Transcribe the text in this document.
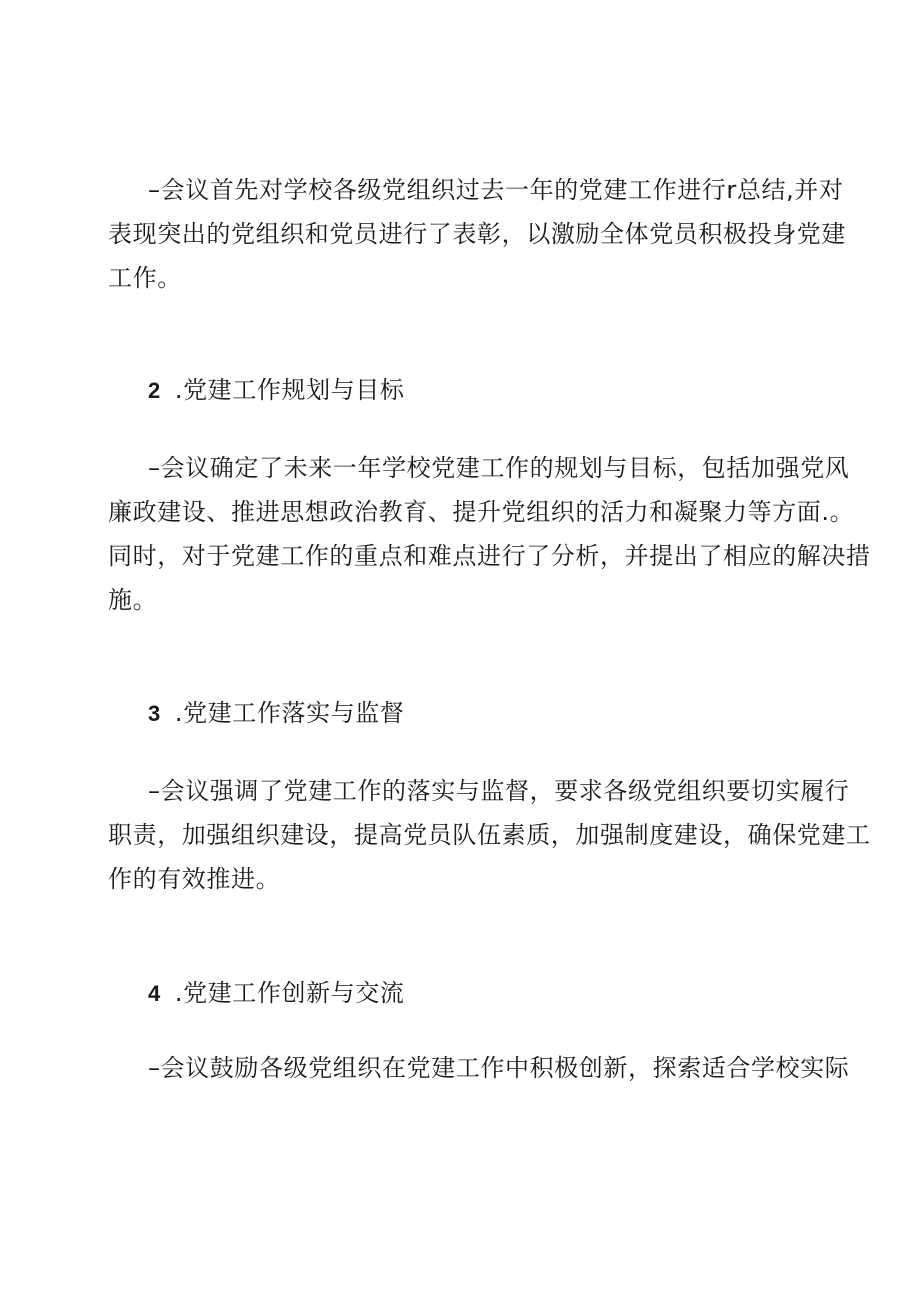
–会议首先对学校各级党组织过去一年的党建工作进行r总结,并对
表现突出的党组织和党员进行了表彰，以激励全体党员积极投身党建
工作。

2 .党建工作规划与目标

–会议确定了未来一年学校党建工作的规划与目标，包括加强党风
廉政建设、推进思想政治教育、提升党组织的活力和凝聚力等方面.。
同时，对于党建工作的重点和难点进行了分析，并提出了相应的解决措
施。

3 .党建工作落实与监督

–会议强调了党建工作的落实与监督，要求各级党组织要切实履行
职责，加强组织建设，提高党员队伍素质，加强制度建设，确保党建工
作的有效推进。

4 .党建工作创新与交流

–会议鼓励各级党组织在党建工作中积极创新，探索适合学校实际
